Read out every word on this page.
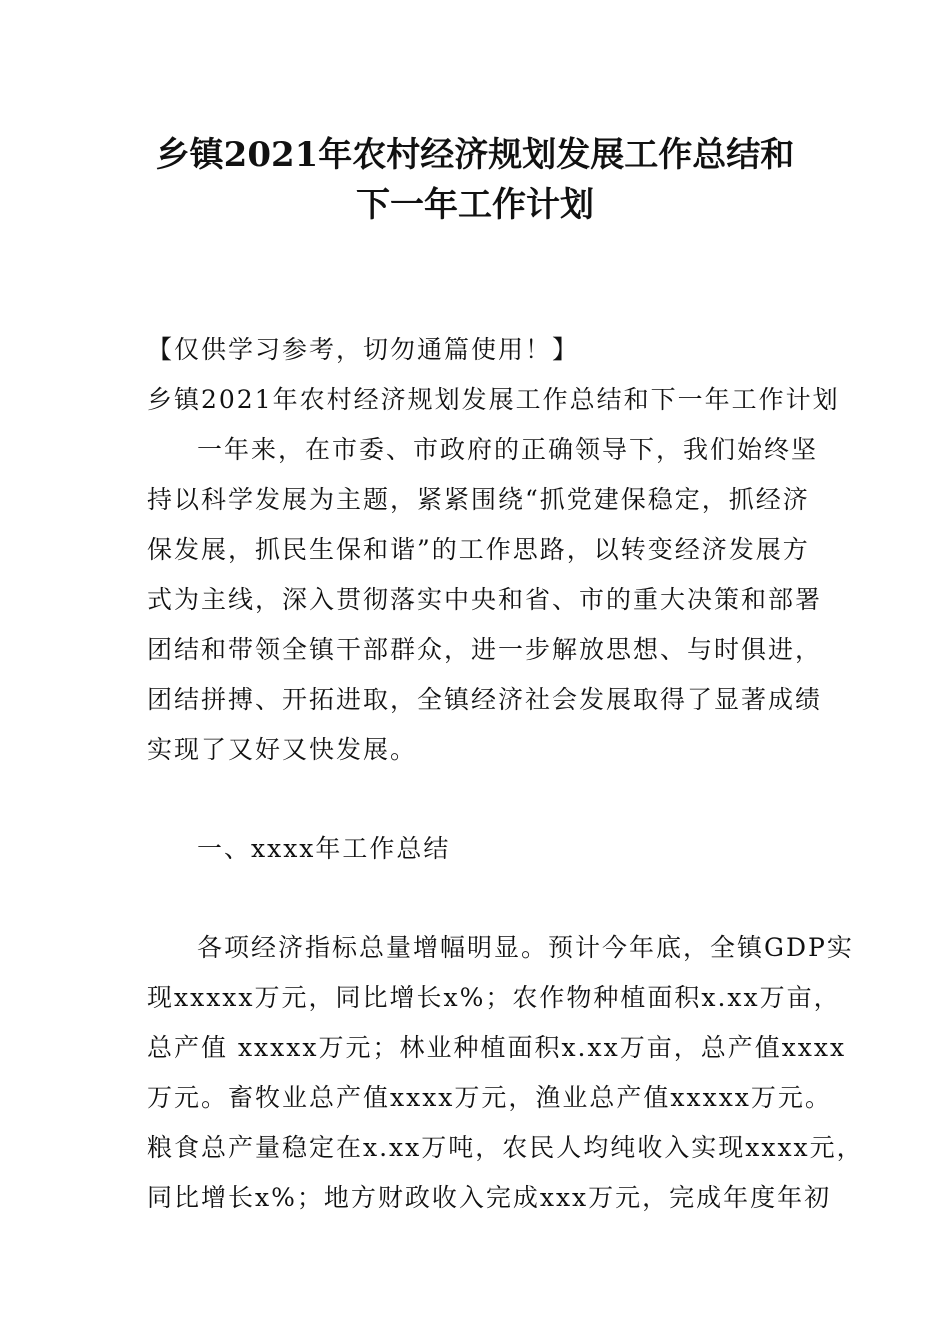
乡镇2021年农村经济规划发展工作总结和
下一年工作计划
【仅供学习参考，切勿通篇使用！】
乡镇2021年农村经济规划发展工作总结和下一年工作计划
一年来，在市委、市政府的正确领导下，我们始终坚
持以科学发展为主题，紧紧围绕“抓党建保稳定，抓经济
保发展，抓民生保和谐”的工作思路，以转变经济发展方
式为主线，深入贯彻落实中央和省、市的重大决策和部署
团结和带领全镇干部群众，进一步解放思想、与时俱进，
团结拼搏、开拓进取，全镇经济社会发展取得了显著成绩
实现了又好又快发展。
一、xxxx年工作总结
各项经济指标总量增幅明显。预计今年底，全镇GDP实
现xxxxx万元，同比增长x%；农作物种植面积x.xx万亩，
总产值 xxxxx万元；林业种植面积x.xx万亩，总产值xxxx
万元。畜牧业总产值xxxx万元，渔业总产值xxxxx万元。
粮食总产量稳定在x.xx万吨，农民人均纯收入实现xxxx元，
同比增长x%；地方财政收入完成xxx万元，完成年度年初
